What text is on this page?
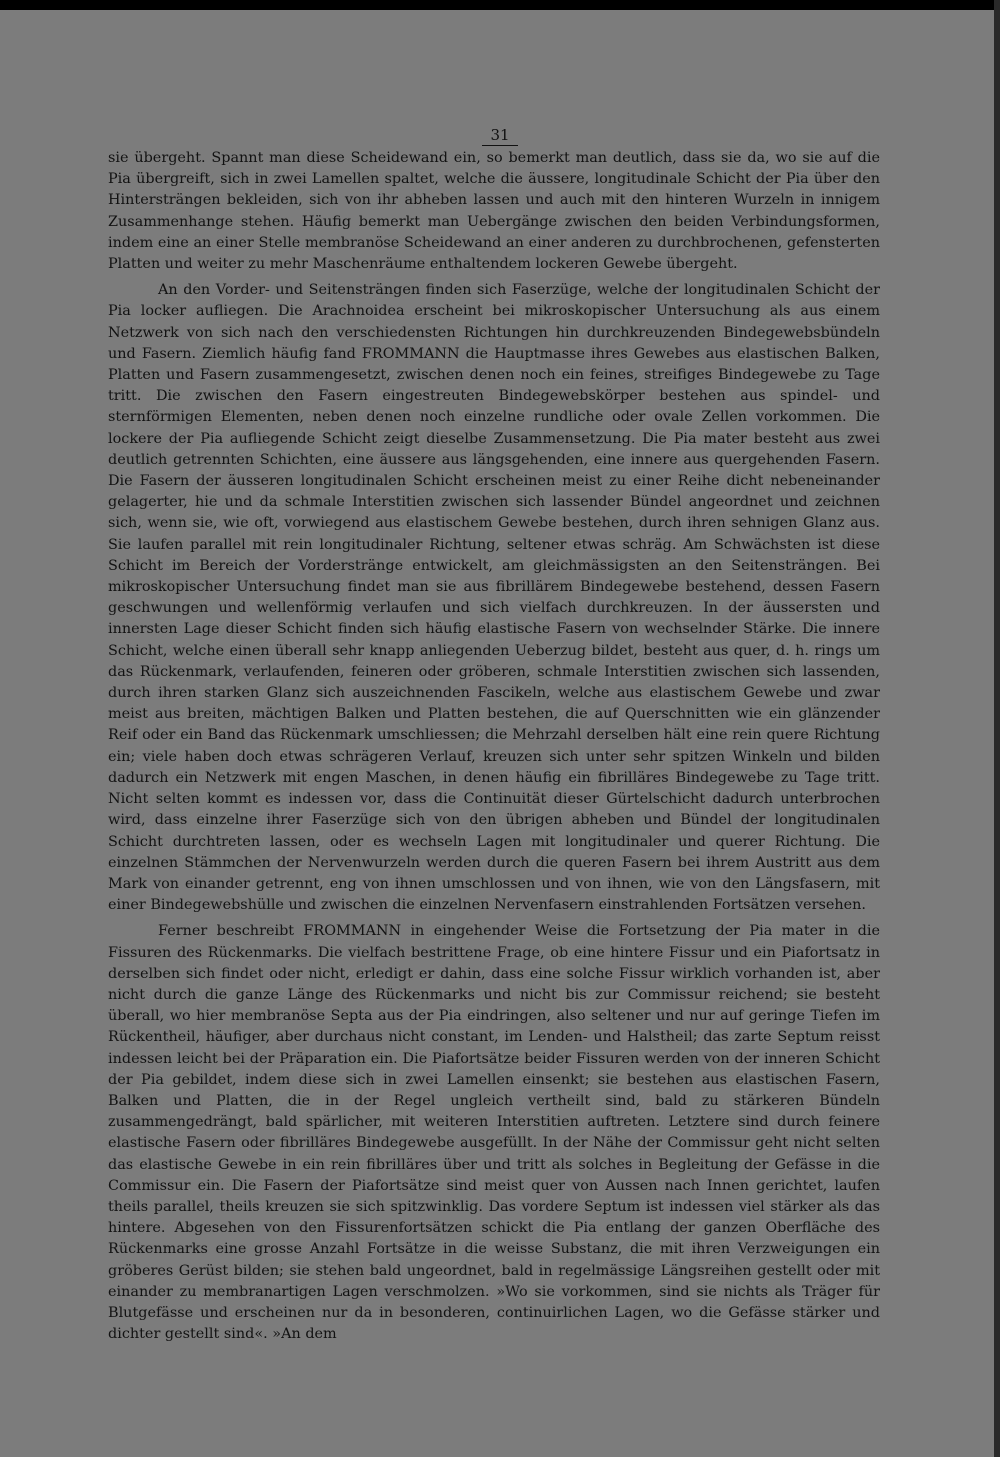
31

sie übergeht. Spannt man diese Scheidewand ein, so bemerkt man deutlich, dass sie da, wo sie auf die Pia übergreift, sich in zwei Lamellen spaltet, welche die äussere, longitudinale Schicht der Pia über den Hintersträngen bekleiden, sich von ihr abheben lassen und auch mit den hinteren Wurzeln in innigem Zusammenhange stehen. Häufig bemerkt man Uebergänge zwischen den beiden Verbindungsformen, indem eine an einer Stelle membranöse Scheidewand an einer anderen zu durchbrochenen, gefensterten Platten und weiter zu mehr Maschenräume enthaltendem lockeren Gewebe übergeht.

An den Vorder- und Seitensträngen finden sich Faserzüge, welche der longitudinalen Schicht der Pia locker aufliegen. Die Arachnoidea erscheint bei mikroskopischer Untersuchung als aus einem Netzwerk von sich nach den verschiedensten Richtungen hin durchkreuzenden Bindegewebsbündeln und Fasern. Ziemlich häufig fand FROMMANN die Hauptmasse ihres Gewebes aus elastischen Balken, Platten und Fasern zusammengesetzt, zwischen denen noch ein feines, streifiges Bindegewebe zu Tage tritt. Die zwischen den Fasern eingestreuten Bindegewebskörper bestehen aus spindel- und sternförmigen Elementen, neben denen noch einzelne rundliche oder ovale Zellen vorkommen. Die lockere der Pia aufliegende Schicht zeigt dieselbe Zusammensetzung. Die Pia mater besteht aus zwei deutlich getrennten Schichten, eine äussere aus längsgehenden, eine innere aus quergehenden Fasern. Die Fasern der äusseren longitudinalen Schicht erscheinen meist zu einer Reihe dicht nebeneinander gelagerter, hie und da schmale Interstitien zwischen sich lassender Bündel angeordnet und zeichnen sich, wenn sie, wie oft, vorwiegend aus elastischem Gewebe bestehen, durch ihren sehnigen Glanz aus. Sie laufen parallel mit rein longitudinaler Richtung, seltener etwas schräg. Am Schwächsten ist diese Schicht im Bereich der Vorderstränge entwickelt, am gleichmässigsten an den Seitensträngen. Bei mikroskopischer Untersuchung findet man sie aus fibrillärem Bindegewebe bestehend, dessen Fasern geschwungen und wellenförmig verlaufen und sich vielfach durchkreuzen. In der äussersten und innersten Lage dieser Schicht finden sich häufig elastische Fasern von wechselnder Stärke. Die innere Schicht, welche einen überall sehr knapp anliegenden Ueberzug bildet, besteht aus quer, d. h. rings um das Rückenmark, verlaufenden, feineren oder gröberen, schmale Interstitien zwischen sich lassenden, durch ihren starken Glanz sich auszeichnenden Fascikeln, welche aus elastischem Gewebe und zwar meist aus breiten, mächtigen Balken und Platten bestehen, die auf Querschnitten wie ein glänzender Reif oder ein Band das Rückenmark umschliessen; die Mehrzahl derselben hält eine rein quere Richtung ein; viele haben doch etwas schrägeren Verlauf, kreuzen sich unter sehr spitzen Winkeln und bilden dadurch ein Netzwerk mit engen Maschen, in denen häufig ein fibrilläres Bindegewebe zu Tage tritt. Nicht selten kommt es indessen vor, dass die Continuität dieser Gürtelschicht dadurch unterbrochen wird, dass einzelne ihrer Faserzüge sich von den übrigen abheben und Bündel der longitudinalen Schicht durchtreten lassen, oder es wechseln Lagen mit longitudinaler und querer Richtung. Die einzelnen Stämmchen der Nervenwurzeln werden durch die queren Fasern bei ihrem Austritt aus dem Mark von einander getrennt, eng von ihnen umschlossen und von ihnen, wie von den Längsfasern, mit einer Bindegewebshülle und zwischen die einzelnen Nervenfasern einstrahlenden Fortsätzen versehen.

Ferner beschreibt FROMMANN in eingehender Weise die Fortsetzung der Pia mater in die Fissuren des Rückenmarks. Die vielfach bestrittene Frage, ob eine hintere Fissur und ein Piafortsatz in derselben sich findet oder nicht, erledigt er dahin, dass eine solche Fissur wirklich vorhanden ist, aber nicht durch die ganze Länge des Rückenmarks und nicht bis zur Commissur reichend; sie besteht überall, wo hier membranöse Septa aus der Pia eindringen, also seltener und nur auf geringe Tiefen im Rückentheil, häufiger, aber durchaus nicht constant, im Lenden- und Halstheil; das zarte Septum reisst indessen leicht bei der Präparation ein. Die Piafortsätze beider Fissuren werden von der inneren Schicht der Pia gebildet, indem diese sich in zwei Lamellen einsenkt; sie bestehen aus elastischen Fasern, Balken und Platten, die in der Regel ungleich vertheilt sind, bald zu stärkeren Bündeln zusammengedrängt, bald spärlicher, mit weiteren Interstitien auftreten. Letztere sind durch feinere elastische Fasern oder fibrilläres Bindegewebe ausgefüllt. In der Nähe der Commissur geht nicht selten das elastische Gewebe in ein rein fibrilläres über und tritt als solches in Begleitung der Gefässe in die Commissur ein. Die Fasern der Piafortsätze sind meist quer von Aussen nach Innen gerichtet, laufen theils parallel, theils kreuzen sie sich spitzwinklig. Das vordere Septum ist indessen viel stärker als das hintere. Abgesehen von den Fissurenfortsätzen schickt die Pia entlang der ganzen Oberfläche des Rückenmarks eine grosse Anzahl Fortsätze in die weisse Substanz, die mit ihren Verzweigungen ein gröberes Gerüst bilden; sie stehen bald ungeordnet, bald in regelmässige Längsreihen gestellt oder mit einander zu membranartigen Lagen verschmolzen. »Wo sie vorkommen, sind sie nichts als Träger für Blutgefässe und erscheinen nur da in besonderen, continuirlichen Lagen, wo die Gefässe stärker und dichter gestellt sind«. »An dem
